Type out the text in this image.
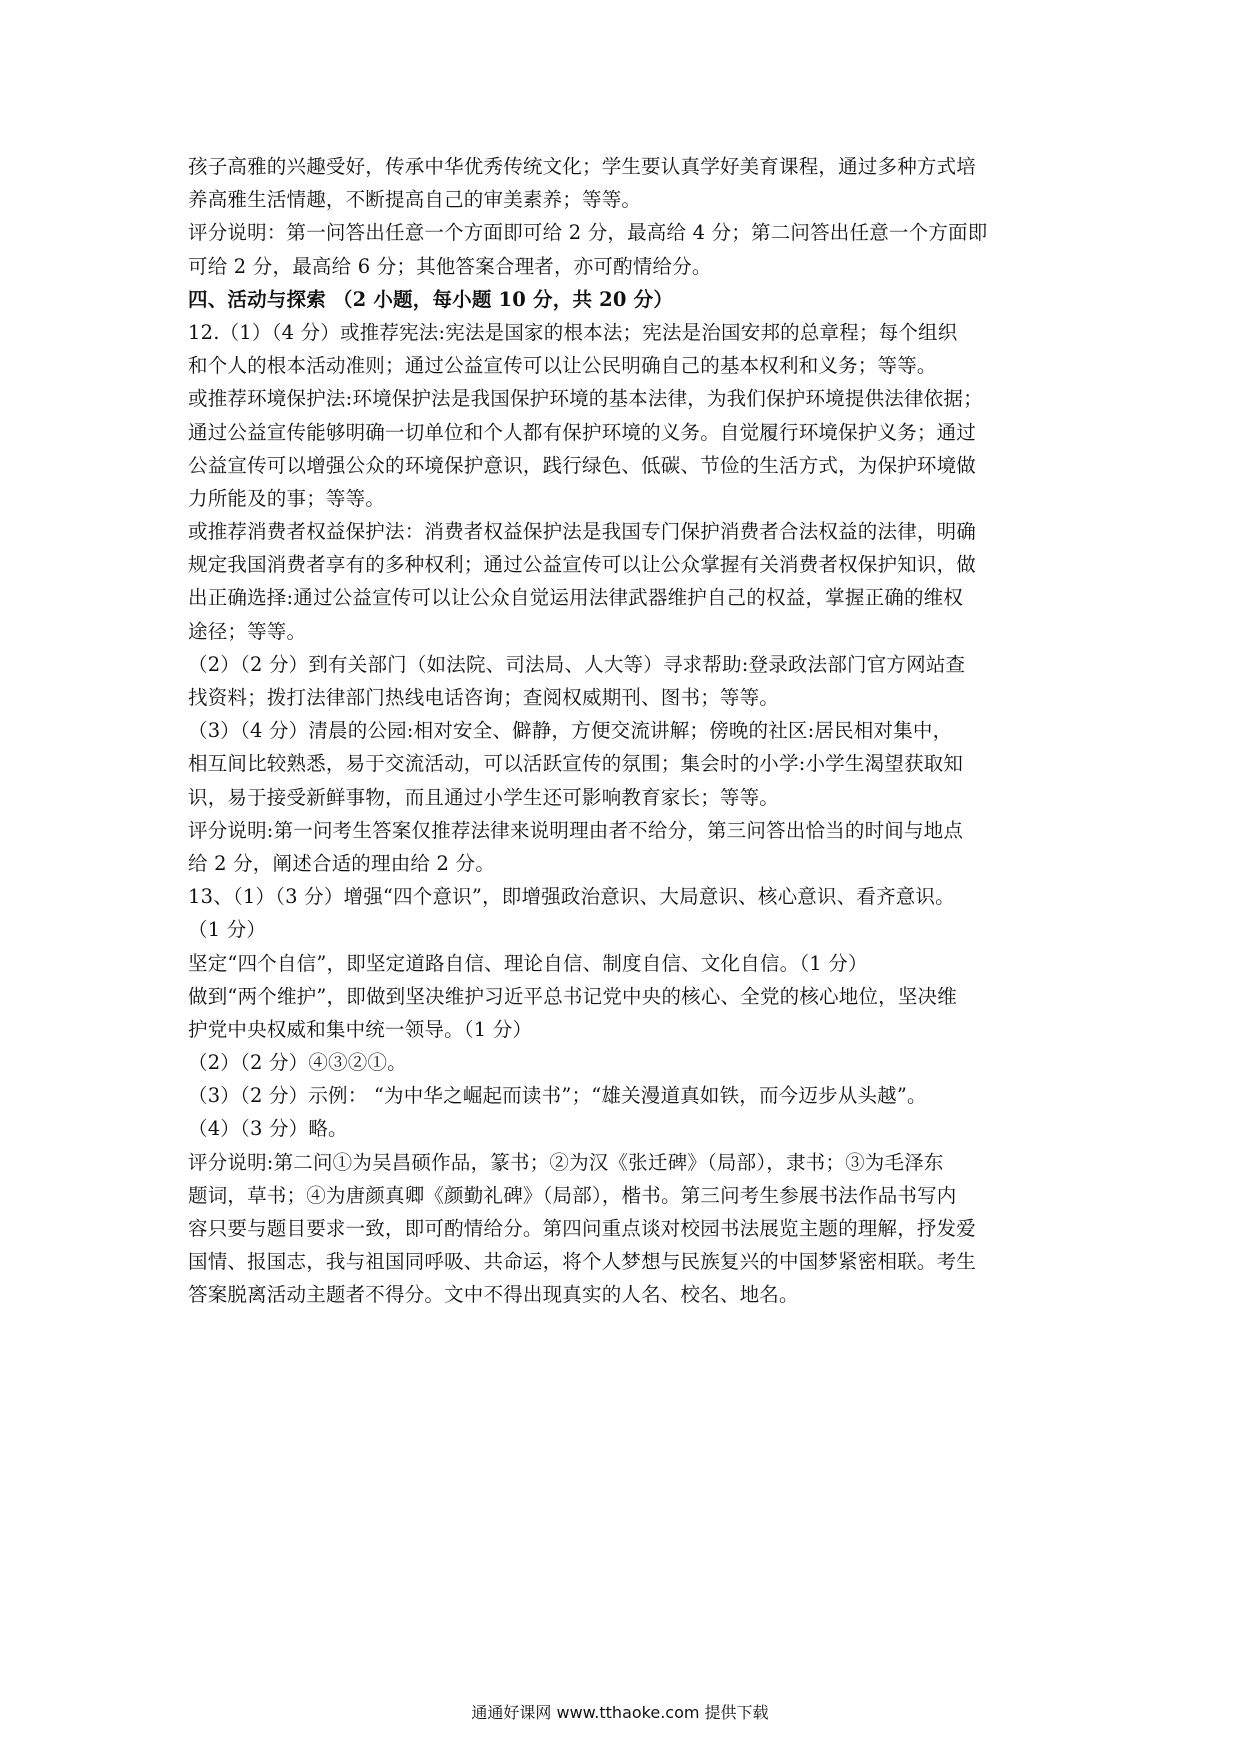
孩子高雅的兴趣受好，传承中华优秀传统文化；学生要认真学好美育课程，通过多种方式培
养高雅生活情趣，不断提高自己的审美素养；等等。
评分说明：第一问答出任意一个方面即可给 2 分，最高给 4 分；第二问答出任意一个方面即
可给 2 分，最高给 6 分；其他答案合理者，亦可酌情给分。
四、活动与探索 （2 小题，每小题 10 分，共 20 分）
12.（1）（4 分）或推荐宪法:宪法是国家的根本法；宪法是治国安邦的总章程；每个组织
和个人的根本活动准则；通过公益宣传可以让公民明确自己的基本权利和义务；等等。
或推荐环境保护法:环境保护法是我国保护环境的基本法律，为我们保护环境提供法律依据；
通过公益宣传能够明确一切单位和个人都有保护环境的义务。自觉履行环境保护义务；通过
公益宣传可以增强公众的环境保护意识，践行绿色、低碳、节俭的生活方式，为保护环境做
力所能及的事；等等。
或推荐消费者权益保护法：消费者权益保护法是我国专门保护消费者合法权益的法律，明确
规定我国消费者享有的多种权利；通过公益宣传可以让公众掌握有关消费者权保护知识，做
出正确选择:通过公益宣传可以让公众自觉运用法律武器维护自己的权益，掌握正确的维权
途径；等等。
（2）（2 分）到有关部门（如法院、司法局、人大等）寻求帮助:登录政法部门官方网站查
找资料；拨打法律部门热线电话咨询；查阅权威期刊、图书；等等。
（3）（4 分）清晨的公园:相对安全、僻静，方便交流讲解；傍晚的社区:居民相对集中，
相互间比较熟悉，易于交流活动，可以活跃宣传的氛围；集会时的小学:小学生渴望获取知
识，易于接受新鲜事物，而且通过小学生还可影响教育家长；等等。
评分说明:第一问考生答案仅推荐法律来说明理由者不给分，第三问答出恰当的时间与地点
给 2 分，阐述合适的理由给 2 分。
13、（1）（3 分）增强“四个意识”，即增强政治意识、大局意识、核心意识、看齐意识。
（1 分）
坚定“四个自信”，即坚定道路自信、理论自信、制度自信、文化自信。（1 分）
做到“两个维护”，即做到坚决维护习近平总书记党中央的核心、全党的核心地位，坚决维
护党中央权威和集中统一领导。（1 分）
（2）（2 分）④③②①。
（3）（2 分）示例： “为中华之崛起而读书”；“雄关漫道真如铁，而今迈步从头越”。
（4）（3 分）略。
评分说明:第二问①为吴昌硕作品，篆书；②为汉《张迁碑》（局部），隶书；③为毛泽东
题词，草书；④为唐颜真卿《颜勤礼碑》（局部），楷书。第三问考生参展书法作品书写内
容只要与题目要求一致，即可酌情给分。第四问重点谈对校园书法展览主题的理解，抒发爱
国情、报国志，我与祖国同呼吸、共命运，将个人梦想与民族复兴的中国梦紧密相联。考生
答案脱离活动主题者不得分。文中不得出现真实的人名、校名、地名。
通通好课网 www.tthaoke.com 提供下载
